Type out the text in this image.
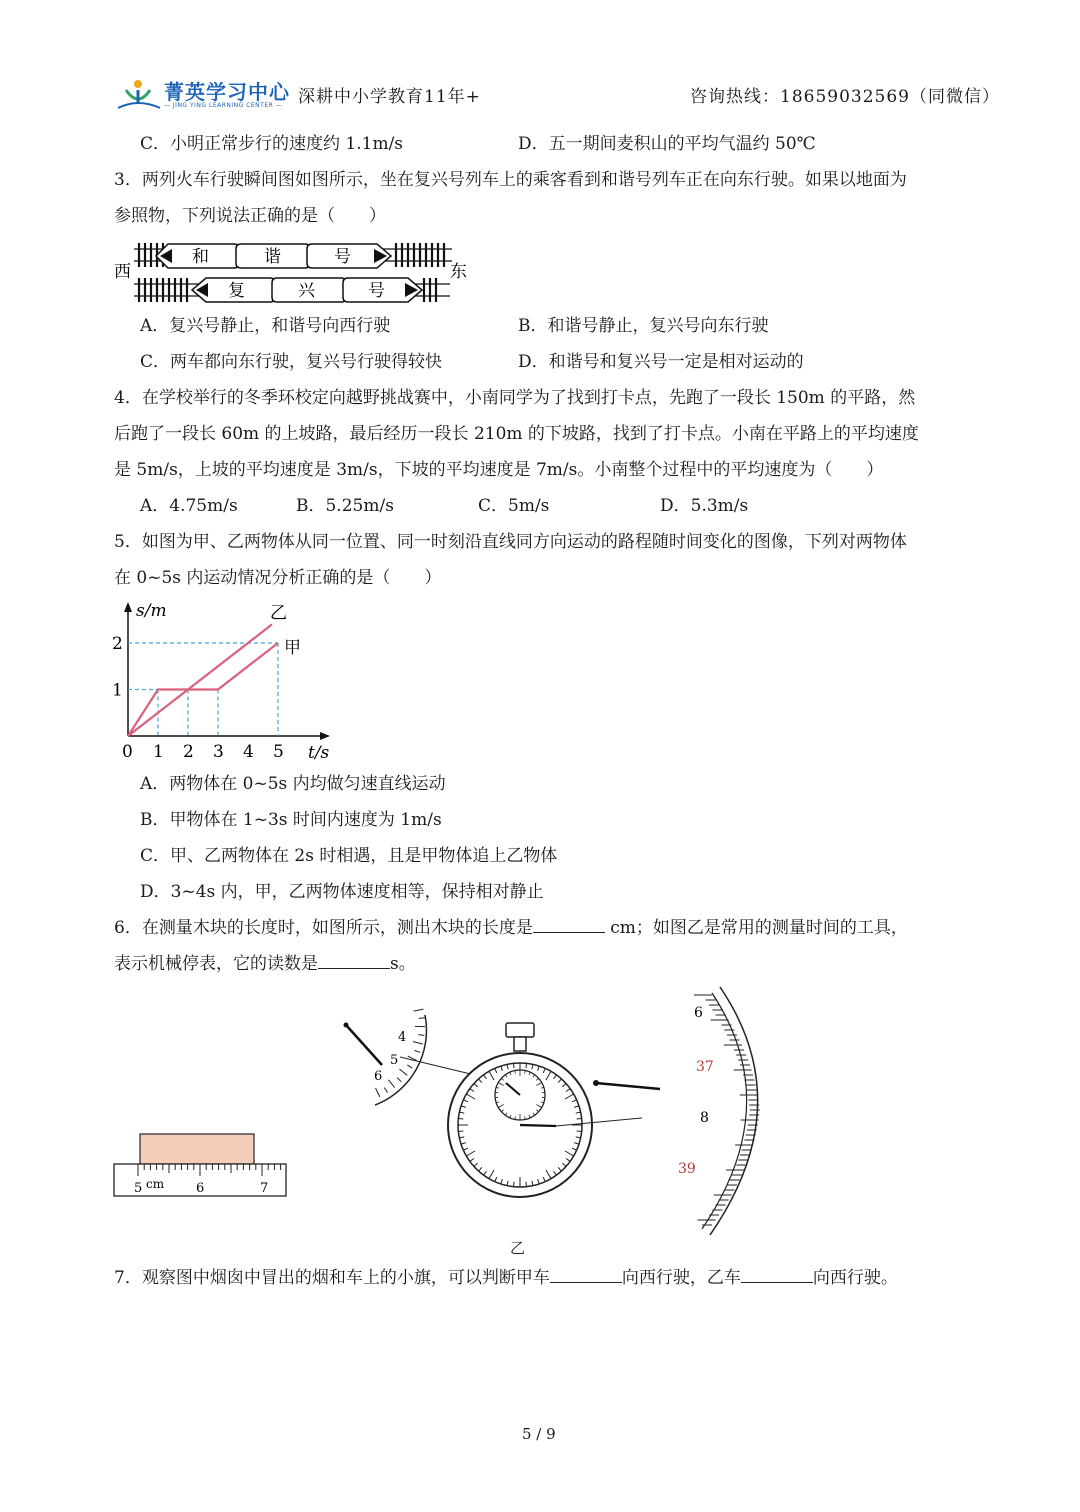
菁英学习中心
— JING YING LEARNING CENTER — 深耕中小学教育11年+	咨询热线：18659032569（同微信）
C．小明正常步行的速度约 1.1m/s	D．五一期间麦积山的平均气温约 50℃
3．两列火车行驶瞬间图如图所示，坐在复兴号列车上的乘客看到和谐号列车正在向东行驶。如果以地面为
参照物，下列说法正确的是（　　）
西	东
和	谐	号
复	兴	号
A．复兴号静止，和谐号向西行驶	B．和谐号静止，复兴号向东行驶
C．两车都向东行驶，复兴号行驶得较快	D．和谐号和复兴号一定是相对运动的
4．在学校举行的冬季环校定向越野挑战赛中，小南同学为了找到打卡点，先跑了一段长 150m 的平路，然
后跑了一段长 60m 的上坡路，最后经历一段长 210m 的下坡路，找到了打卡点。小南在平路上的平均速度
是 5m/s，上坡的平均速度是 3m/s，下坡的平均速度是 7m/s。小南整个过程中的平均速度为（　　）
A．4.75m/s	B．5.25m/s	C．5m/s	D．5.3m/s
5．如图为甲、乙两物体从同一位置、同一时刻沿直线同方向运动的路程随时间变化的图像，下列对两物体
在 0~5s 内运动情况分析正确的是（　　）
0 1 2 3 4 5
1
2
t/s
s/m
甲
乙
A．两物体在 0~5s 内均做匀速直线运动
B．甲物体在 1~3s 时间内速度为 1m/s
C．甲、乙两物体在 2s 时相遇，且是甲物体追上乙物体
D．3~4s 内，甲，乙两物体速度相等，保持相对静止
6．在测量木块的长度时，如图所示，测出木块的长度是	cm；如图乙是常用的测量时间的工具，
表示机械停表，它的读数是	s。
5 cm 6	7
4
5
6
6
37
8
39
乙
7．观察图中烟囱中冒出的烟和车上的小旗，可以判断甲车	向西行驶，乙车	向西行驶。
5 / 9
